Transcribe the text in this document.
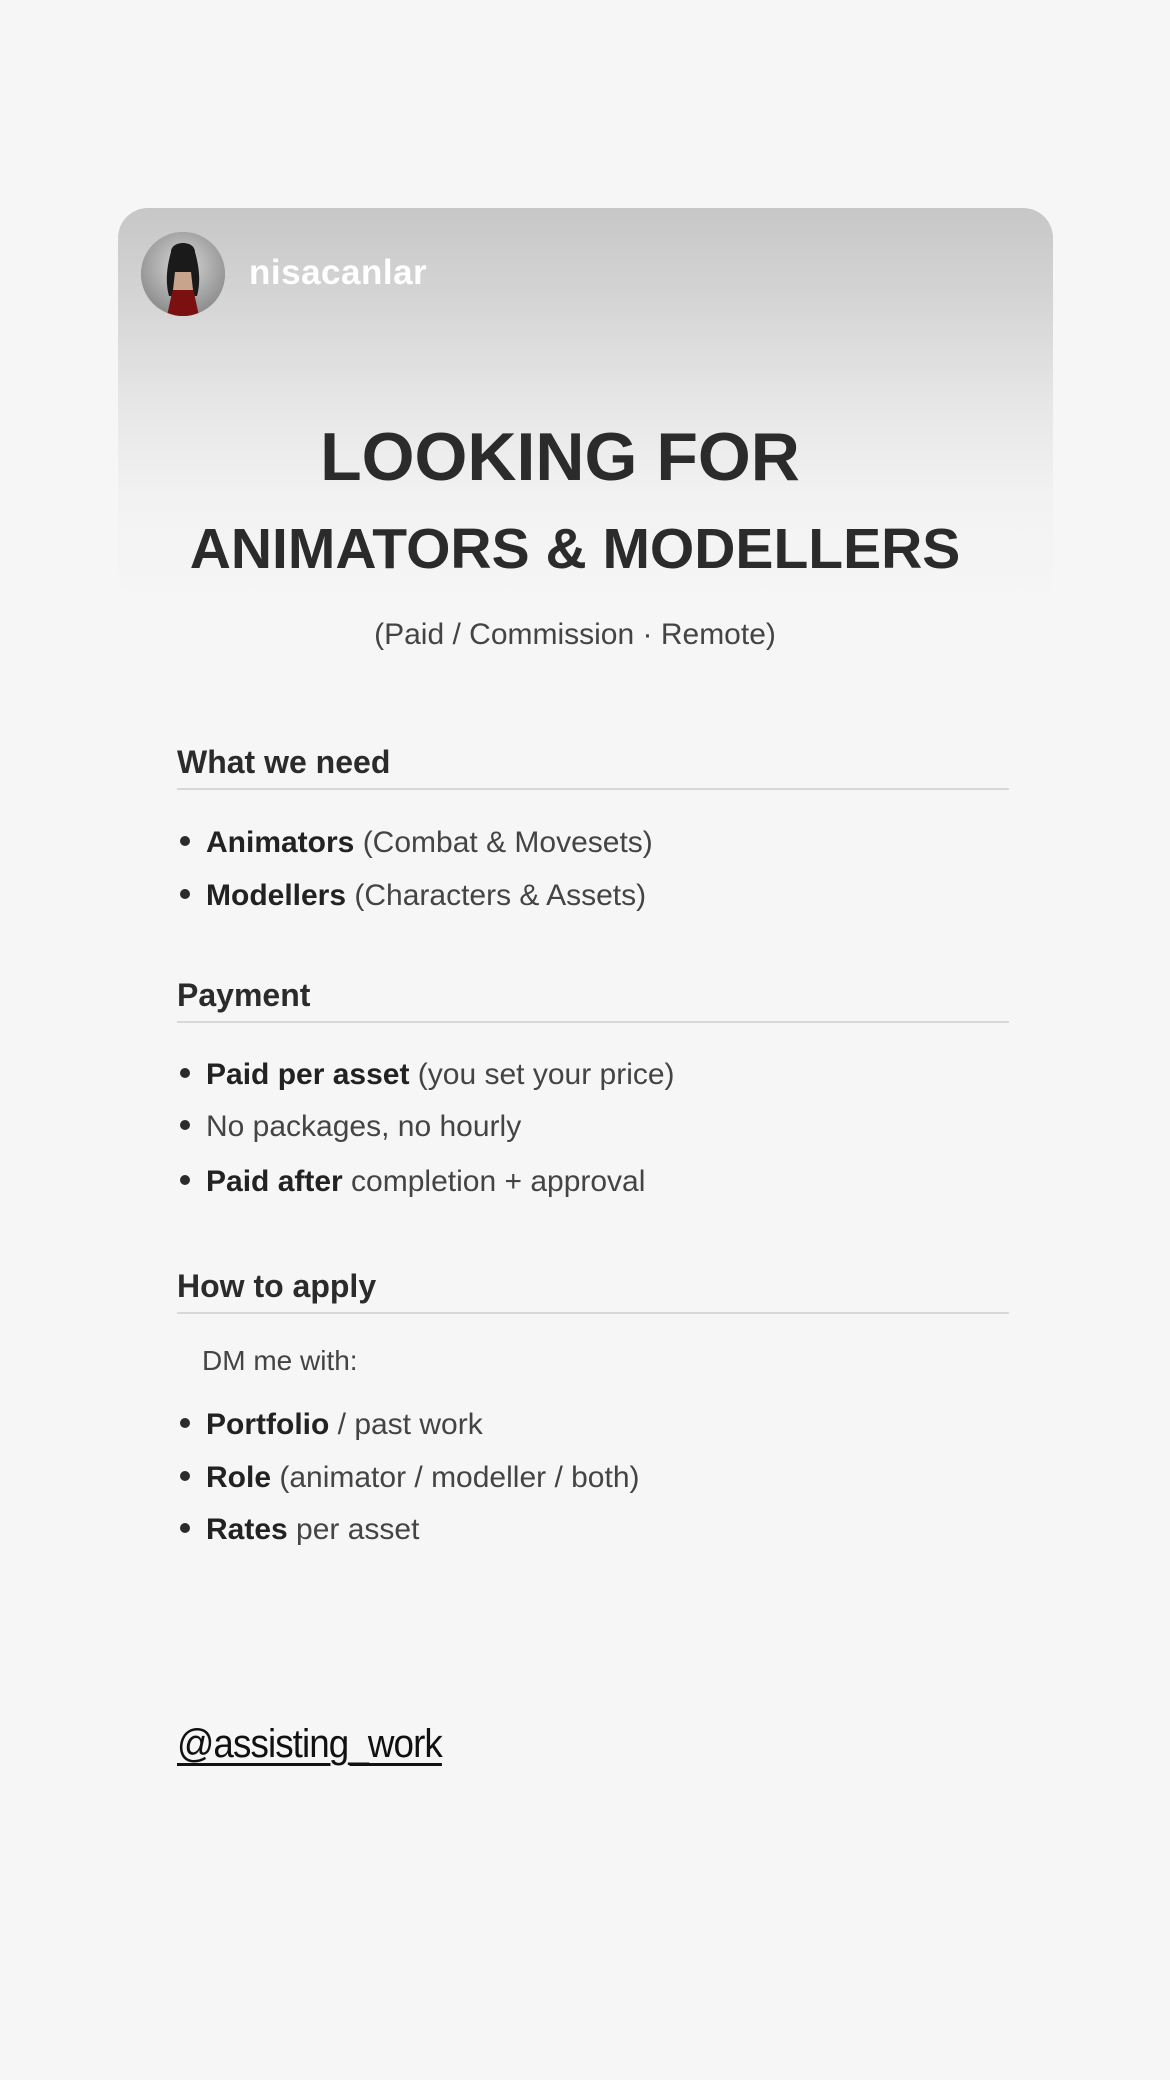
nisacanlar
LOOKING FOR
ANIMATORS & MODELLERS
(Paid / Commission · Remote)
What we need
Animators (Combat & Movesets)
Modellers (Characters & Assets)
Payment
Paid per asset (you set your price)
No packages, no hourly
Paid after completion + approval
How to apply
DM me with:
Portfolio / past work
Role (animator / modeller / both)
Rates per asset
@assisting_work
